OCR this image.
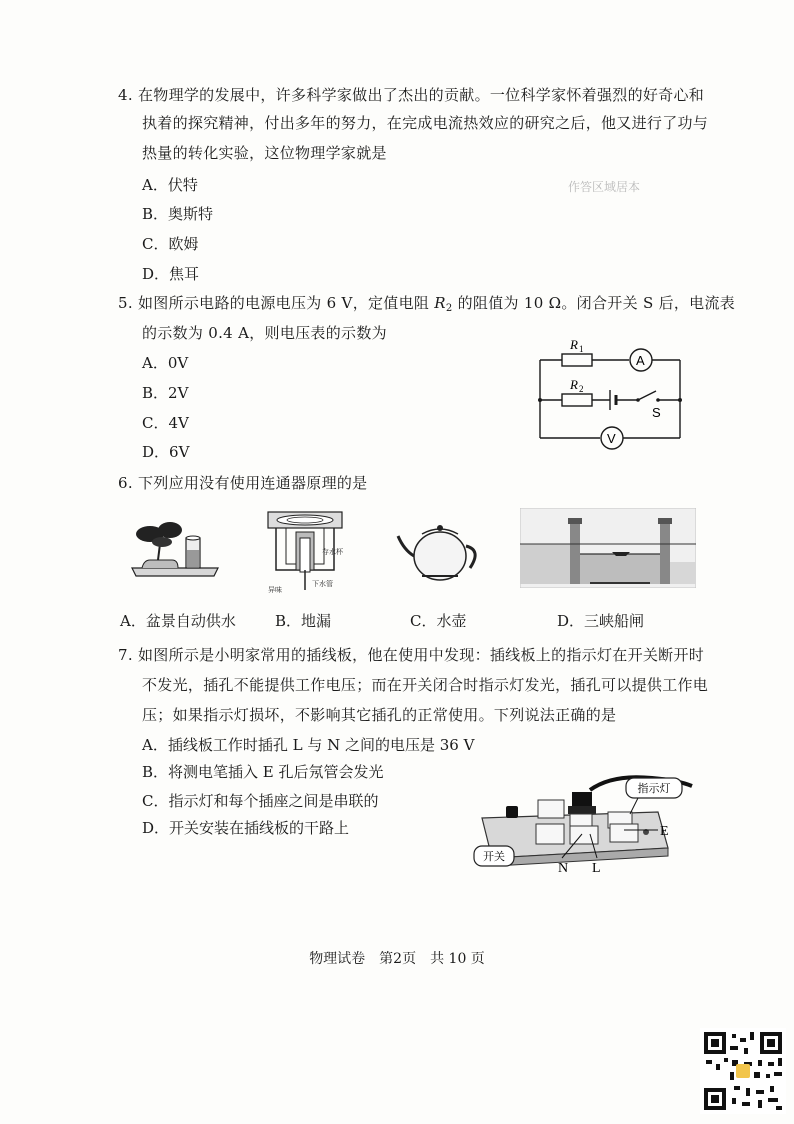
4. 在物理学的发展中，许多科学家做出了杰出的贡献。一位科学家怀着强烈的好奇心和
执着的探究精神，付出多年的努力，在完成电流热效应的研究之后，他又进行了功与
热量的转化实验，这位物理学家就是
A．伏特
B．奥斯特
C．欧姆
D．焦耳
作答区域居本
5. 如图所示电路的电源电压为 6 V，定值电阻 $R_2$ 的阻值为 10 Ω。闭合开关 S 后，电流表
的示数为 0.4 A，则电压表的示数为
A．0V
B．2V
C．4V
D．6V
R 1
R 2
A
V
S
6. 下列应用没有使用连通器原理的是
存水杯
下水管
异味
A．盆景自动供水	B．地漏	C．水壶	D．三峡船闸
7. 如图所示是小明家常用的插线板，他在使用中发现：插线板上的指示灯在开关断开时
不发光，插孔不能提供工作电压；而在开关闭合时指示灯发光，插孔可以提供工作电
压；如果指示灯损坏，不影响其它插孔的正常使用。下列说法正确的是
A．插线板工作时插孔 L 与 N 之间的电压是 36 V
B．将测电笔插入 E 孔后氖管会发光
C．指示灯和每个插座之间是串联的
D．开关安装在插线板的干路上
指示灯
开关
E
N L
物理试卷　第2页　共 10 页
